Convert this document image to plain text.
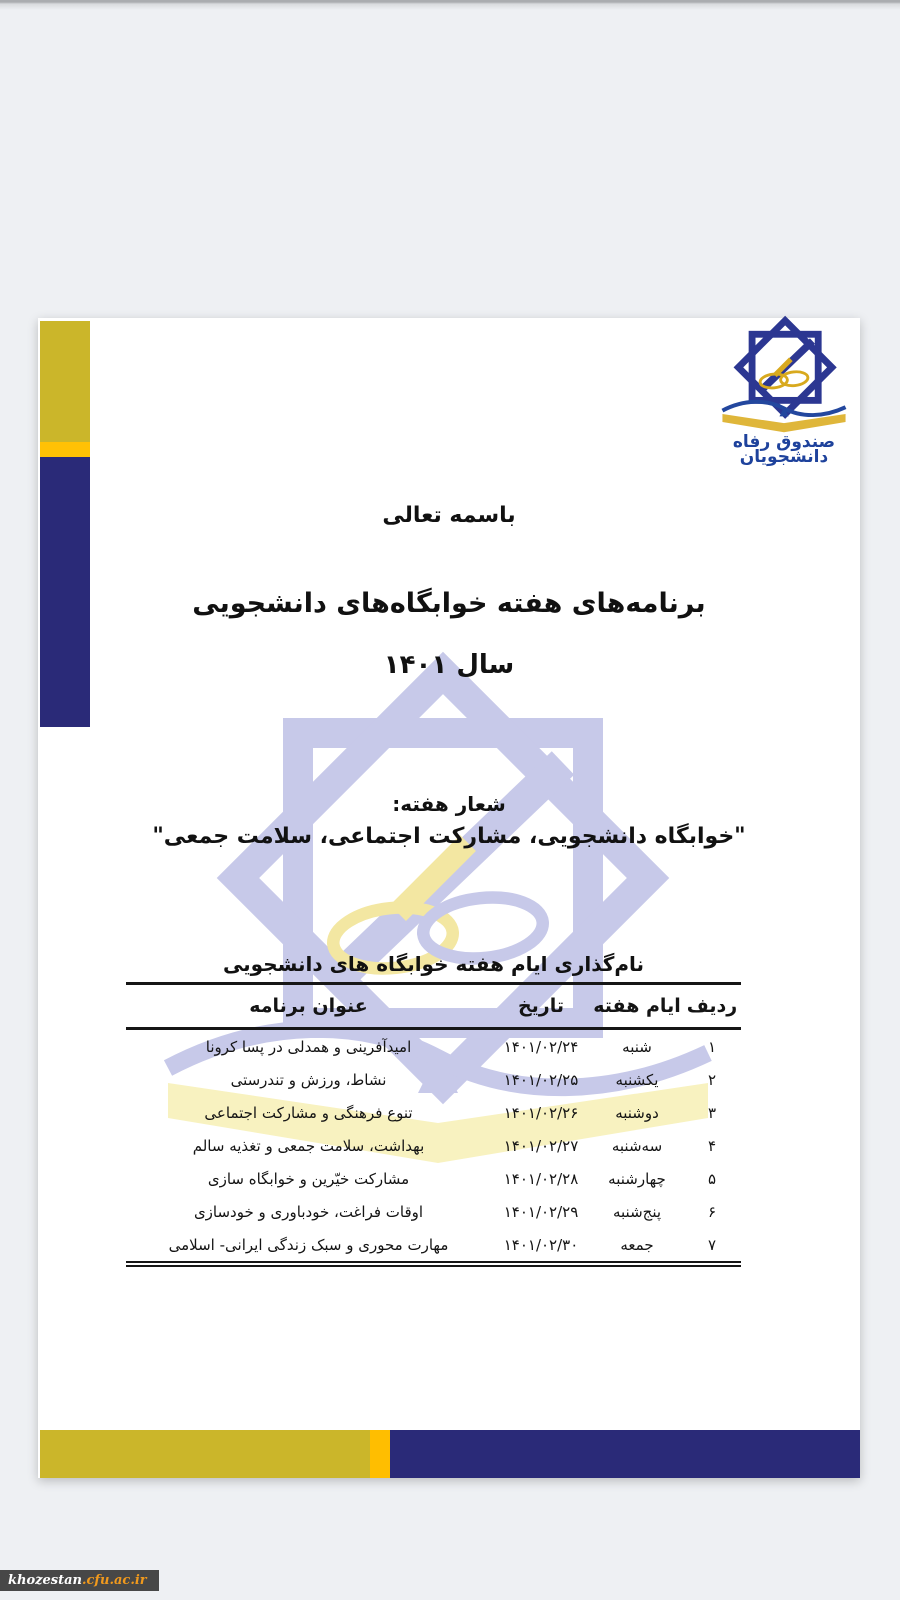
صندوق رفاه
دانشجویان
باسمه تعالی
برنامه‌های هفته خوابگاه‌های دانشجویی
سال ۱۴۰۱
شعار هفته:
"خوابگاه دانشجویی، مشارکت اجتماعی، سلامت جمعی"
نام‌گذاری ایام هفته خوابگاه های دانشجویی
ردیف
ایام هفته
تاریخ
عنوان برنامه
۱
شنبه
۱۴۰۱/۰۲/۲۴
امیدآفرینی و همدلی در پسا کرونا
۲
یکشنبه
۱۴۰۱/۰۲/۲۵
نشاط، ورزش و تندرستی
۳
دوشنبه
۱۴۰۱/۰۲/۲۶
تنوع فرهنگی و مشارکت اجتماعی
۴
سه‌شنبه
۱۴۰۱/۰۲/۲۷
بهداشت، سلامت جمعی و تغذیه سالم
۵
چهارشنبه
۱۴۰۱/۰۲/۲۸
مشارکت خیّرین و خوابگاه سازی
۶
پنج‌شنبه
۱۴۰۱/۰۲/۲۹
اوقات فراغت، خودباوری و خودسازی
۷
جمعه
۱۴۰۱/۰۲/۳۰
مهارت محوری و سبک زندگی ایرانی- اسلامی
khozestan.cfu.ac.ir
